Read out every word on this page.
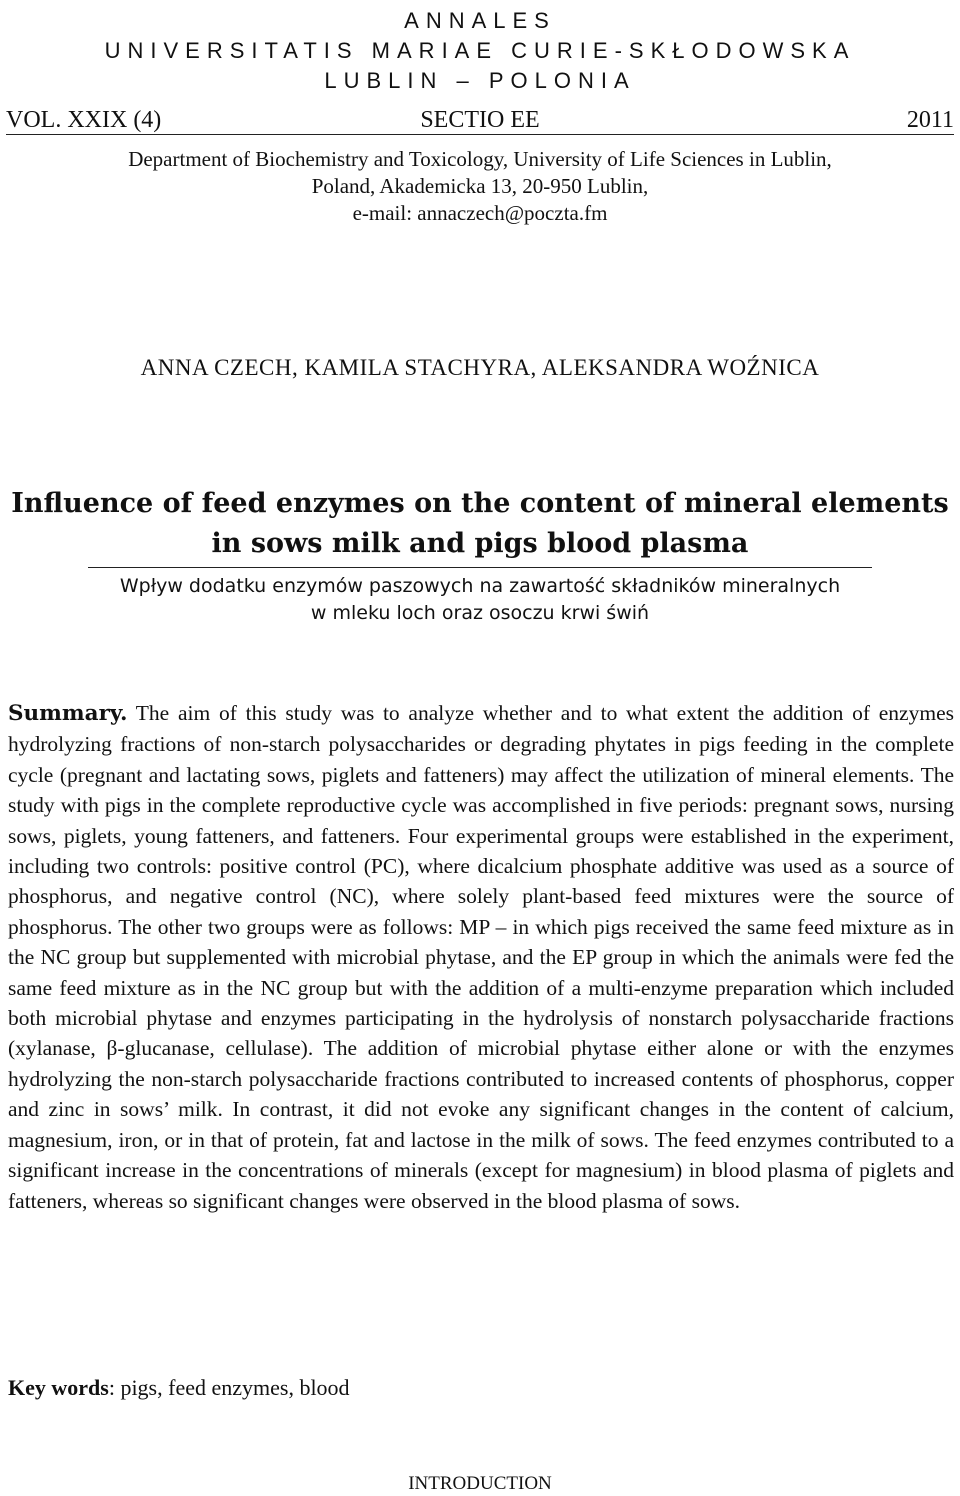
ANNALES
UNIVERSITATIS MARIAE CURIE-SKŁODOWSKA
LUBLIN – POLONIA
VOL. XXIX (4)	SECTIO EE	2011
Department of Biochemistry and Toxicology, University of Life Sciences in Lublin,
Poland, Akademicka 13, 20-950 Lublin,
e-mail: annaczech@poczta.fm
ANNA CZECH, KAMILA STACHYRA, ALEKSANDRA WOŹNICA
Influence of feed enzymes on the content of mineral elements
in sows milk and pigs blood plasma
Wpływ dodatku enzymów paszowych na zawartość składników mineralnych
w mleku loch oraz osoczu krwi świń
Summary. The aim of this study was to analyze whether and to what extent the addition of enzymes hydrolyzing fractions of non-starch polysaccharides or degrading phytates in pigs feeding in the complete cycle (pregnant and lactating sows, piglets and fatteners) may affect the utilization of mineral elements. The study with pigs in the complete reproductive cycle was accomplished in five periods: pregnant sows, nursing sows, piglets, young fatteners, and fatteners. Four experimental groups were established in the experiment, including two controls: positive control (PC), where dicalcium phosphate additive was used as a source of phosphorus, and negative control (NC), where solely plant-based feed mixtures were the source of phosphorus. The other two groups were as follows: MP – in which pigs received the same feed mixture as in the NC group but supplemented with microbial phytase, and the EP group in which the animals were fed the same feed mixture as in the NC group but with the addition of a multi-enzyme preparation which included both microbial phytase and enzymes participating in the hydrolysis of nonstarch polysaccharide fractions (xylanase, β-glucanase, cellulase). The addition of microbial phytase either alone or with the enzymes hydrolyzing the non-starch polysaccharide fractions contributed to increased contents of phosphorus, copper and zinc in sows’ milk. In contrast, it did not evoke any significant changes in the content of calcium, magnesium, iron, or in that of protein, fat and lactose in the milk of sows. The feed enzymes contributed to a significant increase in the concentrations of minerals (except for magnesium) in blood plasma of piglets and fatteners, whereas so significant changes were observed in the blood plasma of sows.
Key words: pigs, feed enzymes, blood
INTRODUCTION
